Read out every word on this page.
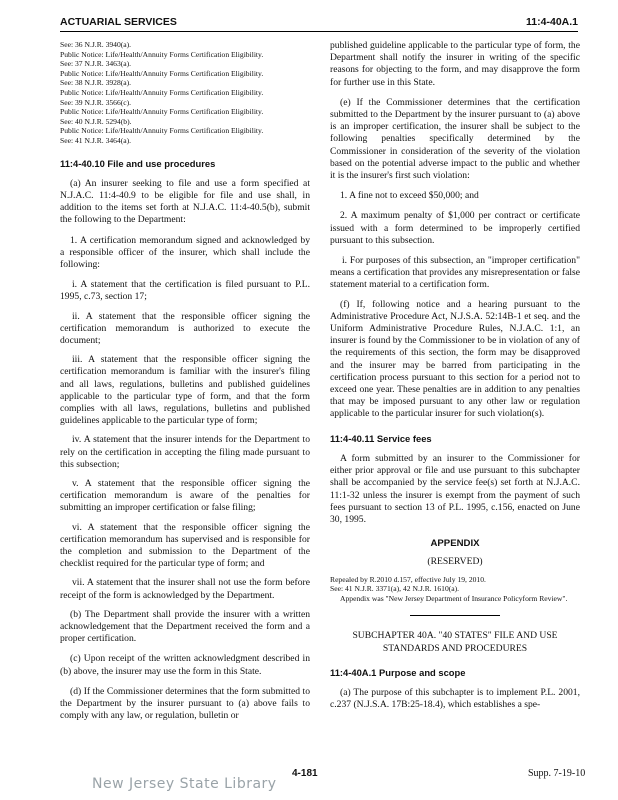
ACTUARIAL SERVICES	11:4-40A.1

See: 36 N.J.R. 3940(a).

Public Notice: Life/Health/Annuity Forms Certification Eligibility.

See: 37 N.J.R. 3463(a).

Public Notice: Life/Health/Annuity Forms Certification Eligibility.

See: 38 N.J.R. 3928(a).

Public Notice: Life/Health/Annuity Forms Certification Eligibility.

See: 39 N.J.R. 3566(c).

Public Notice: Life/Health/Annuity Forms Certification Eligibility.

See: 40 N.J.R. 5294(b).

Public Notice: Life/Health/Annuity Forms Certification Eligibility.

See: 41 N.J.R. 3464(a).

11:4-40.10 File and use procedures

(a) An insurer seeking to file and use a form specified at N.J.A.C. 11:4-40.9 to be eligible for file and use shall, in addition to the items set forth at N.J.A.C. 11:4-40.5(b), submit the following to the Department:

1. A certification memorandum signed and acknowledged by a responsible officer of the insurer, which shall include the following:

i. A statement that the certification is filed pursuant to P.L. 1995, c.73, section 17;

ii. A statement that the responsible officer signing the certification memorandum is authorized to execute the document;

iii. A statement that the responsible officer signing the certification memorandum is familiar with the insurer's filing and all laws, regulations, bulletins and published guidelines applicable to the particular type of form, and that the form complies with all laws, regulations, bulletins and published guidelines applicable to the particular type of form;

iv. A statement that the insurer intends for the Department to rely on the certification in accepting the filing made pursuant to this subsection;

v. A statement that the responsible officer signing the certification memorandum is aware of the penalties for submitting an improper certification or false filing;

vi. A statement that the responsible officer signing the certification memorandum has supervised and is responsible for the completion and submission to the Department of the checklist required for the particular type of form; and

vii. A statement that the insurer shall not use the form before receipt of the form is acknowledged by the Department.

(b) The Department shall provide the insurer with a written acknowledgement that the Department received the form and a proper certification.

(c) Upon receipt of the written acknowledgment described in (b) above, the insurer may use the form in this State.

(d) If the Commissioner determines that the form submitted to the Department by the insurer pursuant to (a) above fails to comply with any law, or regulation, bulletin or

published guideline applicable to the particular type of form, the Department shall notify the insurer in writing of the specific reasons for objecting to the form, and may disapprove the form for further use in this State.

(e) If the Commissioner determines that the certification submitted to the Department by the insurer pursuant to (a) above is an improper certification, the insurer shall be subject to the following penalties specifically determined by the Commissioner in consideration of the severity of the violation based on the potential adverse impact to the public and whether it is the insurer's first such violation:

1. A fine not to exceed $50,000; and

2. A maximum penalty of $1,000 per contract or certificate issued with a form determined to be improperly certified pursuant to this subsection.

i. For purposes of this subsection, an "improper certification" means a certification that provides any misrepresentation or false statement material to a certification form.

(f) If, following notice and a hearing pursuant to the Administrative Procedure Act, N.J.S.A. 52:14B-1 et seq. and the Uniform Administrative Procedure Rules, N.J.A.C. 1:1, an insurer is found by the Commissioner to be in violation of any of the requirements of this section, the form may be disapproved and the insurer may be barred from participating in the certification process pursuant to this section for a period not to exceed one year. These penalties are in addition to any penalties that may be imposed pursuant to any other law or regulation applicable to the particular insurer for such violation(s).

11:4-40.11 Service fees

A form submitted by an insurer to the Commissioner for either prior approval or file and use pursuant to this subchapter shall be accompanied by the service fee(s) set forth at N.J.A.C. 11:1-32 unless the insurer is exempt from the payment of such fees pursuant to section 13 of P.L. 1995, c.156, enacted on June 30, 1995.

APPENDIX

(RESERVED)

Repealed by R.2010 d.157, effective July 19, 2010.

See: 41 N.J.R. 3371(a), 42 N.J.R. 1610(a).

Appendix was "New Jersey Department of Insurance Policyform Review".

SUBCHAPTER 40A. "40 STATES" FILE AND USE
STANDARDS AND PROCEDURES
11:4-40A.1 Purpose and scope

(a) The purpose of this subchapter is to implement P.L. 2001, c.237 (N.J.S.A. 17B:25-18.4), which establishes a spe-

4-181	Supp. 7-19-10
New Jersey State Library
